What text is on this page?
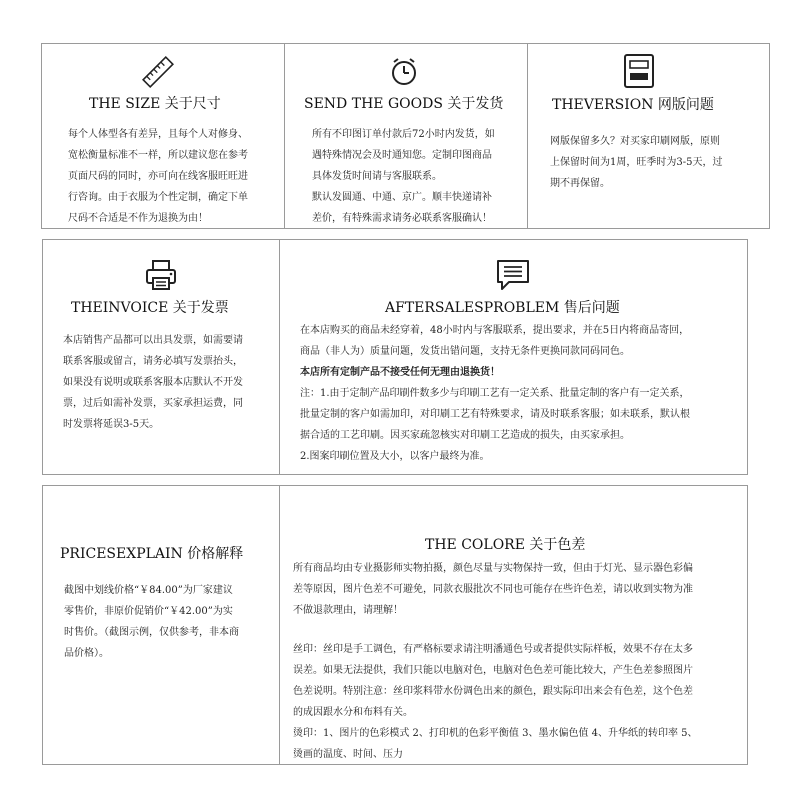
THE SIZE 关于尺寸

每个人体型各有差异，且每个人对修身、

宽松衡量标准不一样，所以建议您在参考

页面尺码的同时，亦可向在线客服旺旺进

行咨询。由于衣服为个性定制，确定下单

尺码不合适是不作为退换为由！

SEND THE GOODS 关于发货

所有不印图订单付款后72小时内发货，如

遇特殊情况会及时通知您。定制印图商品

具体发货时间请与客服联系。

默认发圆通、中通、京广。顺丰快递请补

差价，有特殊需求请务必联系客服确认！

THEVERSION 网版问题

网版保留多久？对买家印刷网版，原则

上保留时间为1周，旺季时为3-5天，过

期不再保留。

THEINVOICE 关于发票

本店销售产品都可以出具发票，如需要请

联系客服或留言，请务必填写发票抬头，

如果没有说明或联系客服本店默认不开发

票，过后如需补发票，买家承担运费，同

时发票将延误3-5天。

AFTERSALESPROBLEM 售后问题

在本店购买的商品未经穿着，48小时内与客服联系，提出要求，并在5日内将商品寄回，

商品（非人为）质量问题，发货出错问题，支持无条件更换同款同码同色。

本店所有定制产品不接受任何无理由退换货！

注：1.由于定制产品印刷件数多少与印刷工艺有一定关系、批量定制的客户有一定关系，

批量定制的客户如需加印，对印刷工艺有特殊要求，请及时联系客服；如未联系，默认根

据合适的工艺印刷。因买家疏忽核实对印刷工艺造成的损失，由买家承担。

2.图案印刷位置及大小，以客户最终为准。

PRICESEXPLAIN 价格解释

截图中划线价格“￥84.00”为厂家建议

零售价，非原价促销价“￥42.00”为实

时售价。（截图示例，仅供参考，非本商

品价格）。

THE COLORE 关于色差

所有商品均由专业摄影师实物拍摄，颜色尽量与实物保持一致，但由于灯光、显示器色彩偏

差等原因，图片色差不可避免，同款衣服批次不同也可能存在些许色差，请以收到实物为准

不做退款理由，请理解！

丝印：丝印是手工调色，有严格标要求请注明潘通色号或者提供实际样板，效果不存在太多

误差。如果无法提供，我们只能以电脑对色，电脑对色色差可能比较大，产生色差参照图片

色差说明。特别注意：丝印浆料带水份调色出来的颜色，跟实际印出来会有色差，这个色差

的成因跟水分和布料有关。

烫印：1、图片的色彩模式 2、打印机的色彩平衡值 3、墨水偏色值 4、升华纸的转印率 5、

烫画的温度、时间、压力
